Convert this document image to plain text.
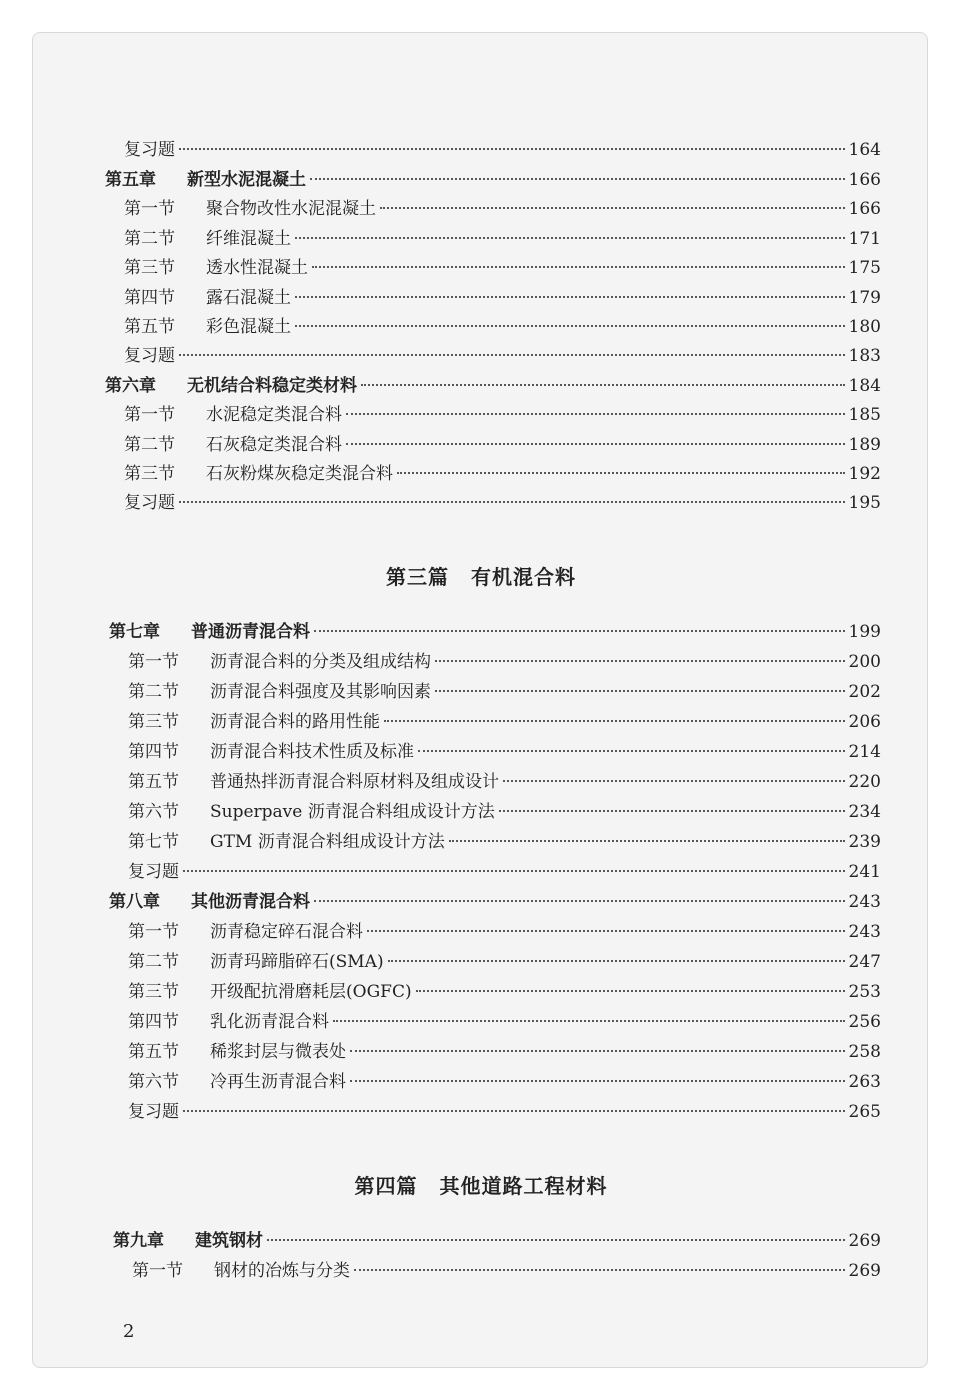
第三篇 有机混合料
第四篇 其他道路工程材料
复习题	164
第五章 新型水泥混凝土	166
第一节 聚合物改性水泥混凝土	166
第二节 纤维混凝土	171
第三节 透水性混凝土	175
第四节 露石混凝土	179
第五节 彩色混凝土	180
复习题	183
第六章 无机结合料稳定类材料	184
第一节 水泥稳定类混合料	185
第二节 石灰稳定类混合料	189
第三节 石灰粉煤灰稳定类混合料	192
复习题	195
第七章 普通沥青混合料	199
第一节 沥青混合料的分类及组成结构	200
第二节 沥青混合料强度及其影响因素	202
第三节 沥青混合料的路用性能	206
第四节 沥青混合料技术性质及标准	214
第五节 普通热拌沥青混合料原材料及组成设计	220
第六节 Superpave 沥青混合料组成设计方法	234
第七节 GTM 沥青混合料组成设计方法	239
复习题	241
第八章 其他沥青混合料	243
第一节 沥青稳定碎石混合料	243
第二节 沥青玛蹄脂碎石(SMA)	247
第三节 开级配抗滑磨耗层(OGFC)	253
第四节 乳化沥青混合料	256
第五节 稀浆封层与微表处	258
第六节 冷再生沥青混合料	263
复习题	265
第九章 建筑钢材	269
第一节 钢材的冶炼与分类	269
2
